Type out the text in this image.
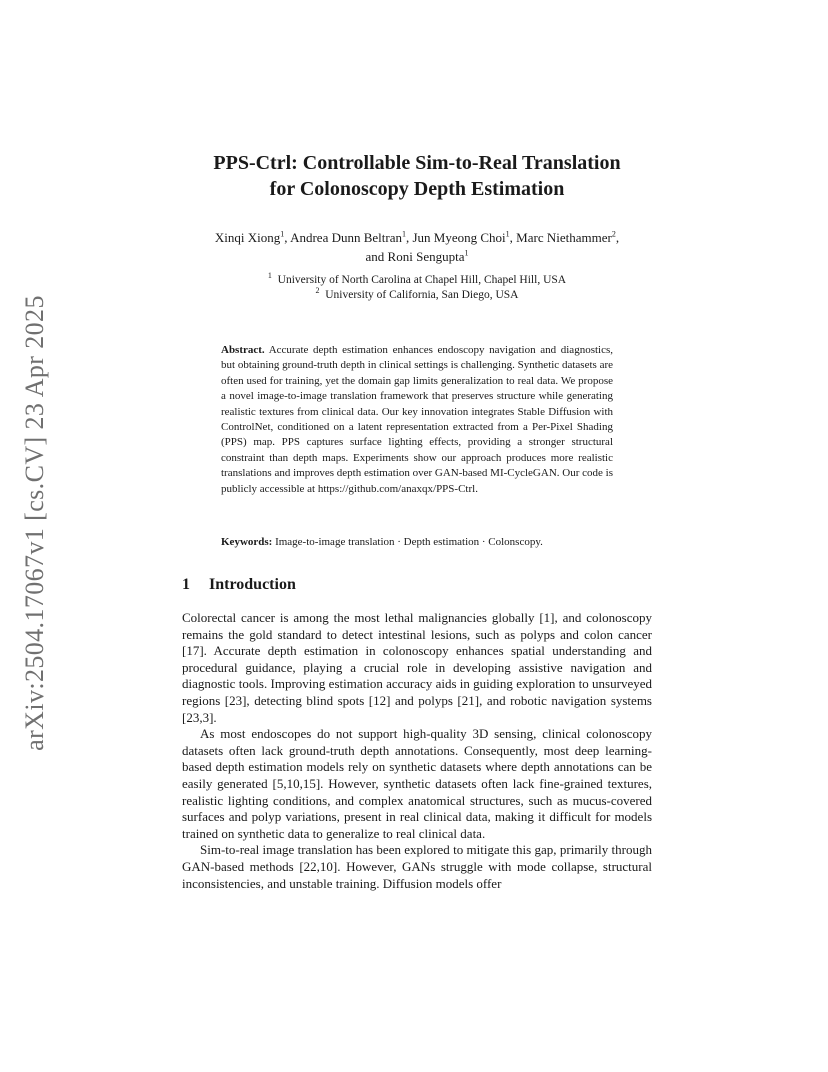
arXiv:2504.17067v1 [cs.CV] 23 Apr 2025
PPS-Ctrl: Controllable Sim-to-Real Translation
for Colonoscopy Depth Estimation
Xinqi Xiong$^1$, Andrea Dunn Beltran$^1$, Jun Myeong Choi$^1$, Marc Niethammer$^2$,
and Roni Sengupta$^1$
$^1$ University of North Carolina at Chapel Hill, Chapel Hill, USA
$^2$ University of California, San Diego, USA
Abstract. Accurate depth estimation enhances endoscopy navigation and diagnostics, but obtaining ground-truth depth in clinical settings is challenging. Synthetic datasets are often used for training, yet the domain gap limits generalization to real data. We propose a novel image-to-image translation framework that preserves structure while generating realistic textures from clinical data. Our key innovation integrates Stable Diffusion with ControlNet, conditioned on a latent representation extracted from a Per-Pixel Shading (PPS) map. PPS captures surface lighting effects, providing a stronger structural constraint than depth maps. Experiments show our approach produces more realistic translations and improves depth estimation over GAN-based MI-CycleGAN. Our code is publicly accessible at https://github.com/anaxqx/PPS-Ctrl.
Keywords: Image-to-image translation · Depth estimation · Colonscopy.
1 Introduction

Colorectal cancer is among the most lethal malignancies globally [1], and colonoscopy remains the gold standard to detect intestinal lesions, such as polyps and colon cancer [17]. Accurate depth estimation in colonoscopy enhances spatial understanding and procedural guidance, playing a crucial role in developing assistive navigation and diagnostic tools. Improving estimation accuracy aids in guiding exploration to unsurveyed regions [23], detecting blind spots [12] and polyps [21], and robotic navigation systems [23,3].

As most endoscopes do not support high-quality 3D sensing, clinical colonoscopy datasets often lack ground-truth depth annotations. Consequently, most deep learning-based depth estimation models rely on synthetic datasets where depth annotations can be easily generated [5,10,15]. However, synthetic datasets often lack fine-grained textures, realistic lighting conditions, and complex anatomical structures, such as mucus-covered surfaces and polyp variations, present in real clinical data, making it difficult for models trained on synthetic data to generalize to real clinical data.

Sim-to-real image translation has been explored to mitigate this gap, primarily through GAN-based methods [22,10]. However, GANs struggle with mode collapse, structural inconsistencies, and unstable training. Diffusion models offer
